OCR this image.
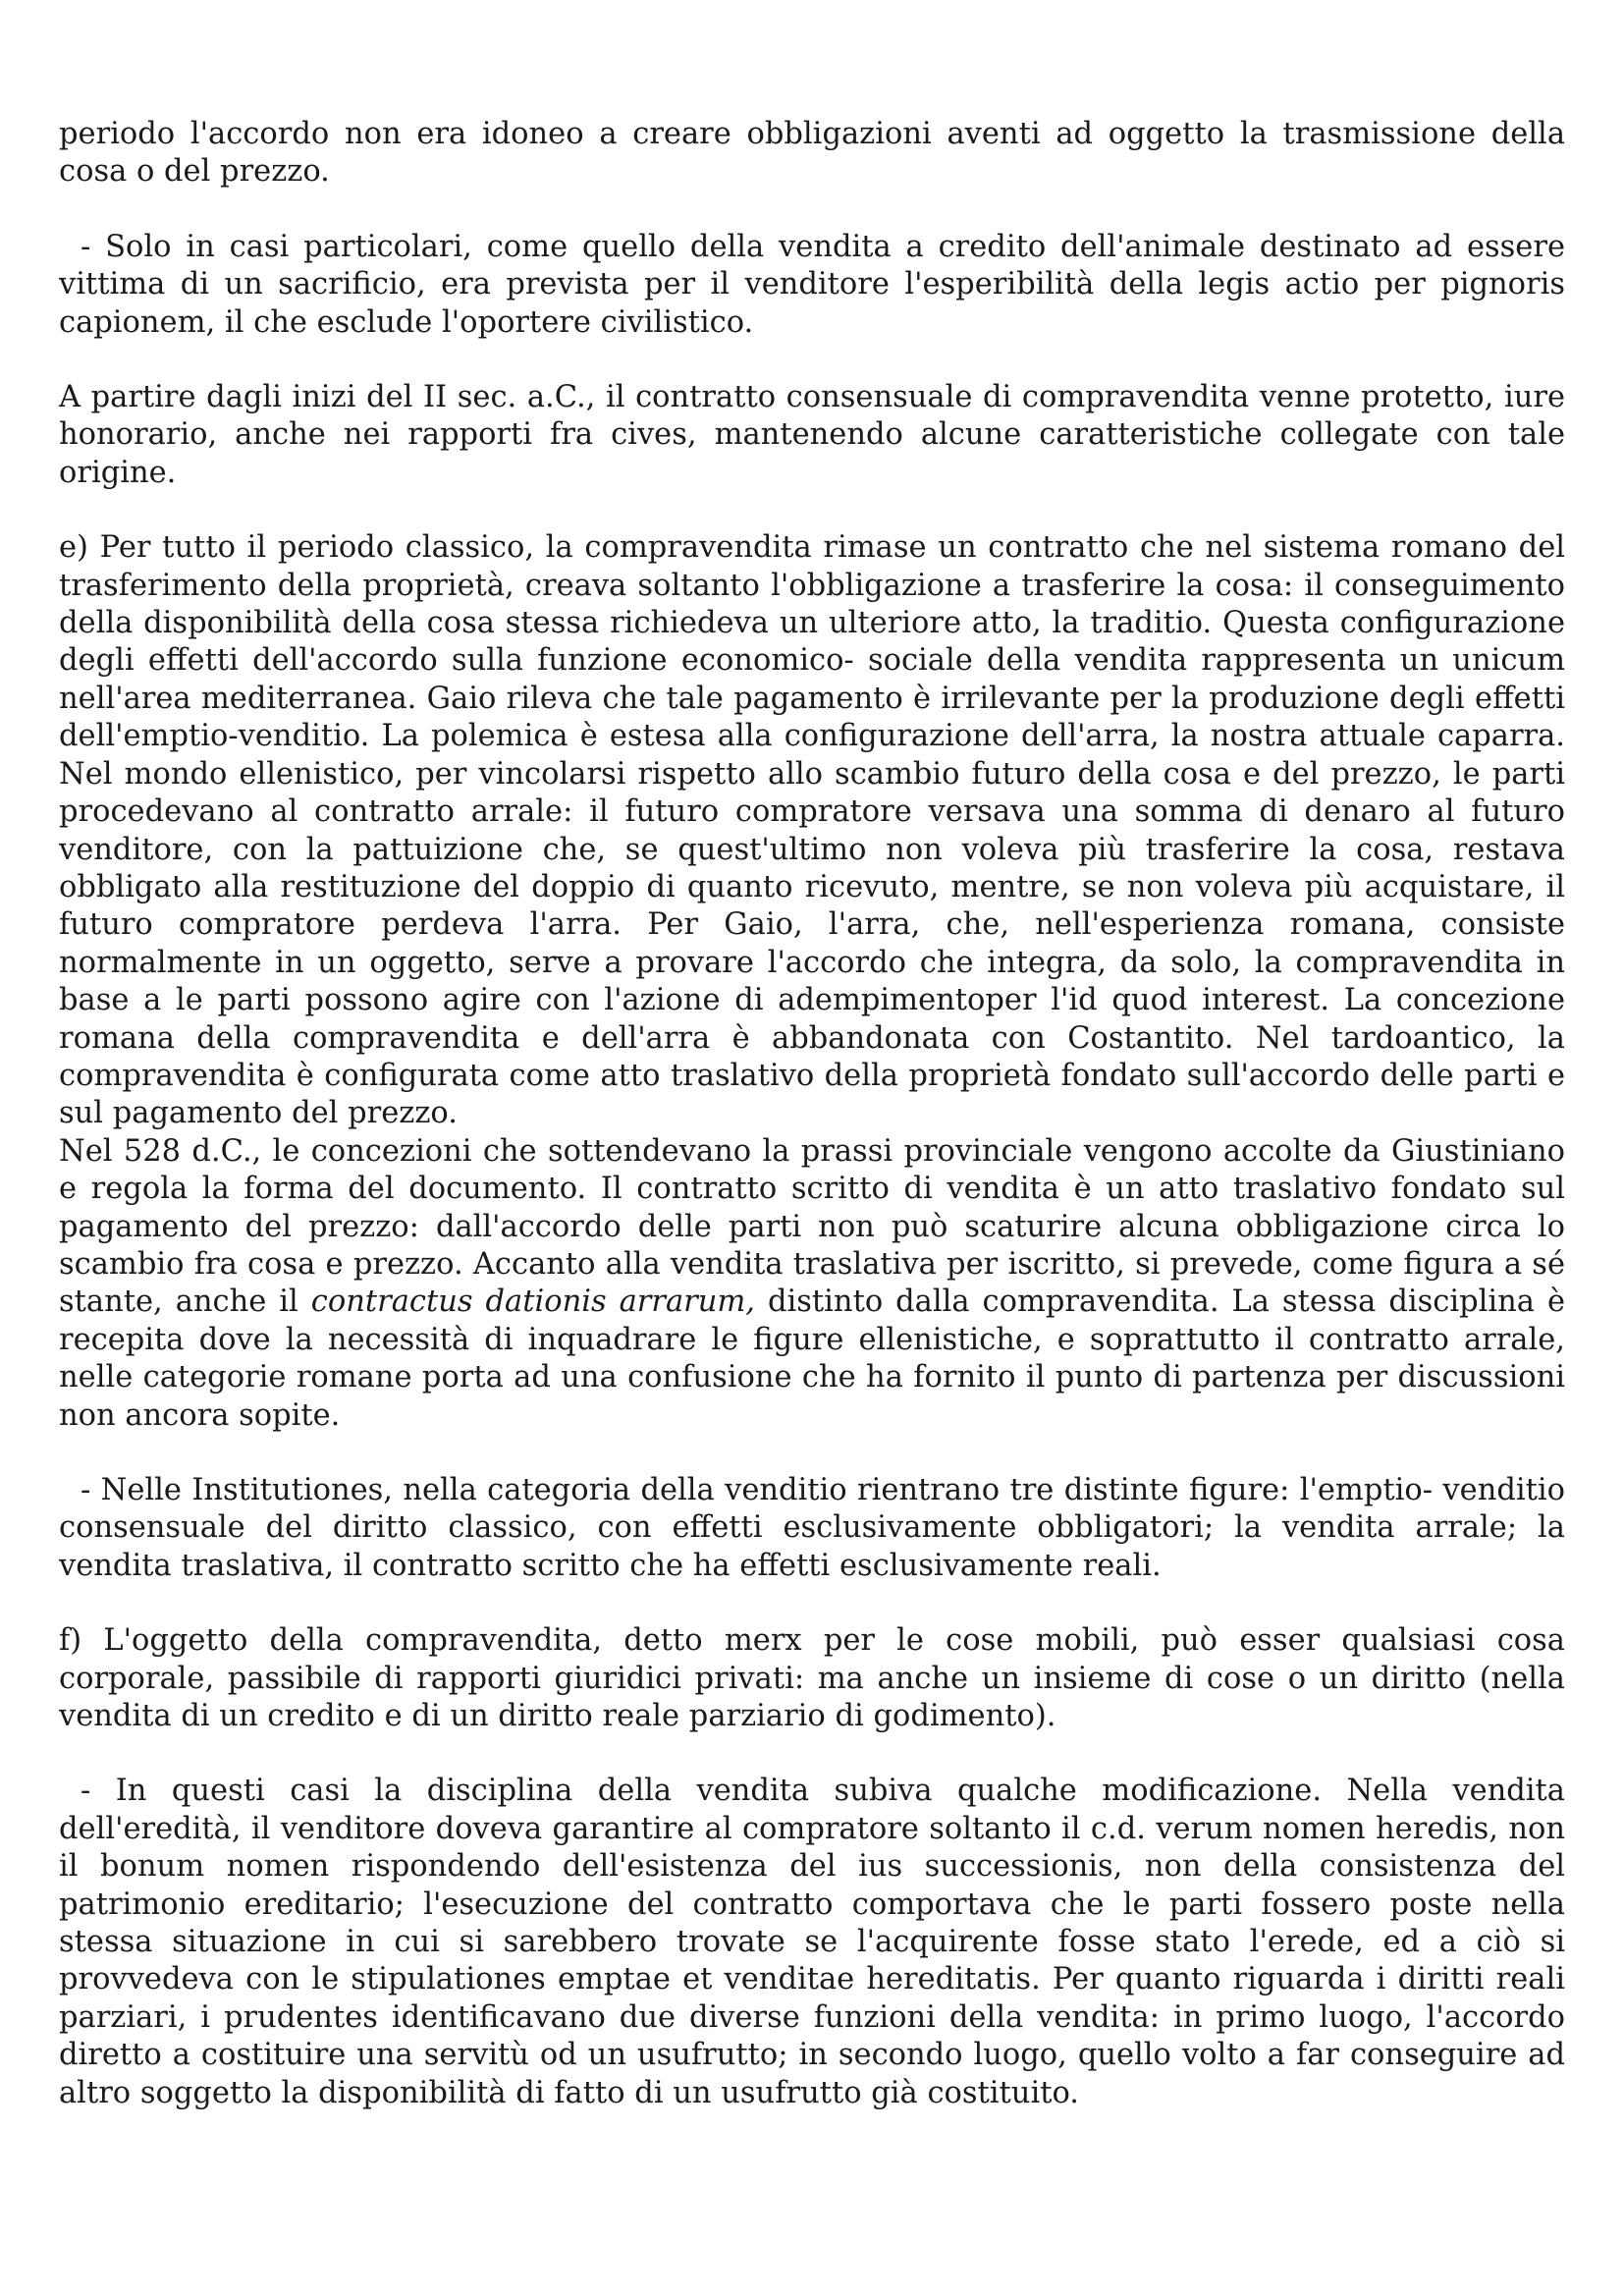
periodo l'accordo non era idoneo a creare obbligazioni aventi ad oggetto la trasmissione della cosa o del prezzo.

- Solo in casi particolari, come quello della vendita a credito dell'animale destinato ad essere vittima di un sacrificio, era prevista per il venditore l'esperibilità della legis actio per pignoris capionem, il che esclude l'oportere civilistico.

A partire dagli inizi del II sec. a.C., il contratto consensuale di compravendita venne protetto, iure honorario, anche nei rapporti fra cives, mantenendo alcune caratteristiche collegate con tale origine.

e) Per tutto il periodo classico, la compravendita rimase un contratto che nel sistema romano del trasferimento della proprietà, creava soltanto l'obbligazione a trasferire la cosa: il conseguimento della disponibilità della cosa stessa richiedeva un ulteriore atto, la traditio. Questa configurazione degli effetti dell'accordo sulla funzione economico- sociale della vendita rappresenta un unicum nell'area mediterranea. Gaio rileva che tale pagamento è irrilevante per la produzione degli effetti dell'emptio-venditio. La polemica è estesa alla configurazione dell'arra, la nostra attuale caparra. Nel mondo ellenistico, per vincolarsi rispetto allo scambio futuro della cosa e del prezzo, le parti procedevano al contratto arrale: il futuro compratore versava una somma di denaro al futuro venditore, con la pattuizione che, se quest'ultimo non voleva più trasferire la cosa, restava obbligato alla restituzione del doppio di quanto ricevuto, mentre, se non voleva più acquistare, il futuro compratore perdeva l'arra. Per Gaio, l'arra, che, nell'esperienza romana, consiste normalmente in un oggetto, serve a provare l'accordo che integra, da solo, la compravendita in base a le parti possono agire con l'azione di adempimentoper l'id quod interest. La concezione romana della compravendita e dell'arra è abbandonata con Costantito. Nel tardoantico, la compravendita è configurata come atto traslativo della proprietà fondato sull'accordo delle parti e sul pagamento del prezzo.

Nel 528 d.C., le concezioni che sottendevano la prassi provinciale vengono accolte da Giustiniano e regola la forma del documento. Il contratto scritto di vendita è un atto traslativo fondato sul pagamento del prezzo: dall'accordo delle parti non può scaturire alcuna obbligazione circa lo scambio fra cosa e prezzo. Accanto alla vendita traslativa per iscritto, si prevede, come figura a sé stante, anche il contractus dationis arrarum, distinto dalla compravendita. La stessa disciplina è recepita dove la necessità di inquadrare le figure ellenistiche, e soprattutto il contratto arrale, nelle categorie romane porta ad una confusione che ha fornito il punto di partenza per discussioni non ancora sopite.

- Nelle Institutiones, nella categoria della venditio rientrano tre distinte figure: l'emptio- venditio consensuale del diritto classico, con effetti esclusivamente obbligatori; la vendita arrale; la vendita traslativa, il contratto scritto che ha effetti esclusivamente reali.

f) L'oggetto della compravendita, detto merx per le cose mobili, può esser qualsiasi cosa corporale, passibile di rapporti giuridici privati: ma anche un insieme di cose o un diritto (nella vendita di un credito e di un diritto reale parziario di godimento).

- In questi casi la disciplina della vendita subiva qualche modificazione. Nella vendita dell'eredità, il venditore doveva garantire al compratore soltanto il c.d. verum nomen heredis, non il bonum nomen rispondendo dell'esistenza del ius successionis, non della consistenza del patrimonio ereditario; l'esecuzione del contratto comportava che le parti fossero poste nella stessa situazione in cui si sarebbero trovate se l'acquirente fosse stato l'erede, ed a ciò si provvedeva con le stipulationes emptae et venditae hereditatis. Per quanto riguarda i diritti reali parziari, i prudentes identificavano due diverse funzioni della vendita: in primo luogo, l'accordo diretto a costituire una servitù od un usufrutto; in secondo luogo, quello volto a far conseguire ad altro soggetto la disponibilità di fatto di un usufrutto già costituito.
